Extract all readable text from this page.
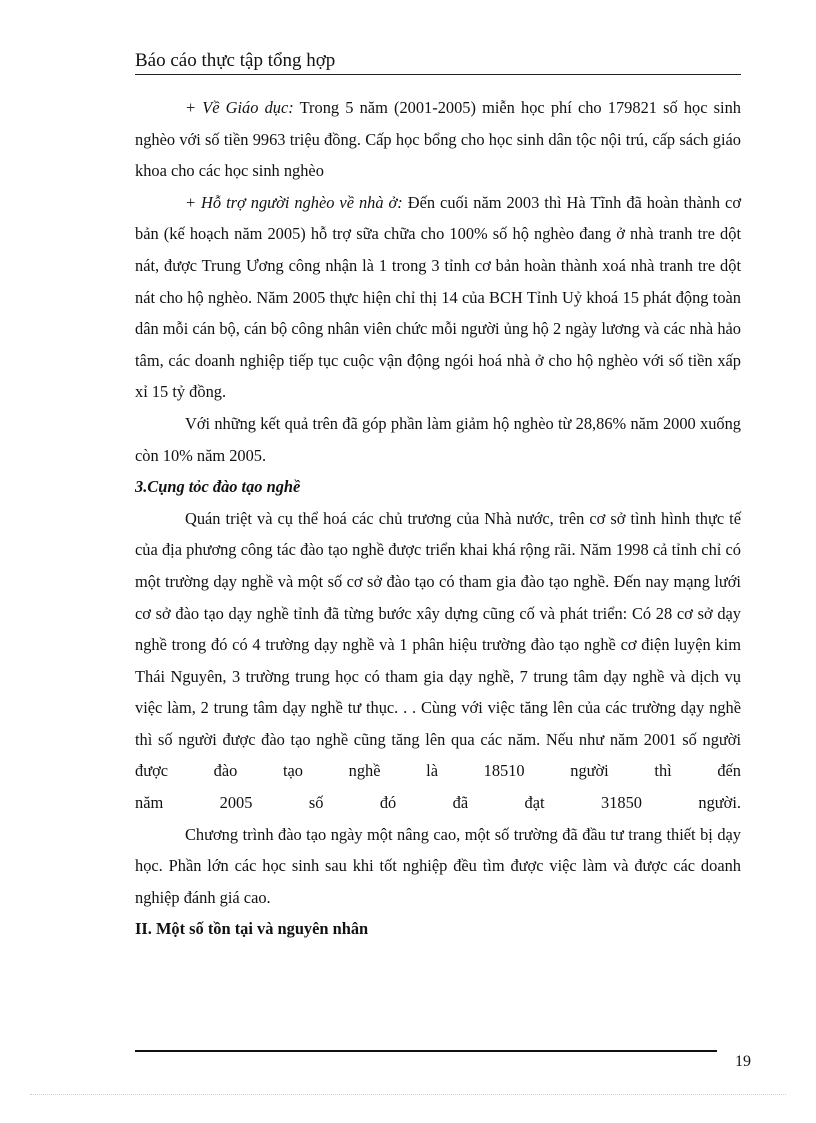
Báo cáo thực tập tổng hợp

+ Về Giáo dục: Trong 5 năm (2001-2005) miễn học phí cho 179821 số học sinh nghèo với số tiền 9963 triệu đồng. Cấp học bổng cho học sinh dân tộc nội trú, cấp sách giáo khoa cho các học sinh nghèo

+ Hỗ trợ người nghèo về nhà ở: Đến cuối năm 2003 thì Hà Tĩnh đã hoàn thành cơ bản (kế hoạch năm 2005) hỗ trợ sữa chữa cho 100% số hộ nghèo đang ở nhà tranh tre dột nát, được Trung Ương công nhận là 1 trong 3 tỉnh cơ bản hoàn thành xoá nhà tranh tre dột nát cho hộ nghèo. Năm 2005 thực hiện chỉ thị 14 của BCH Tỉnh Uỷ khoá 15 phát động toàn dân mỗi cán bộ, cán bộ công nhân viên chức mỗi người ủng hộ 2 ngày lương và các nhà hảo tâm, các doanh nghiệp tiếp tục cuộc vận động ngói hoá nhà ở cho hộ nghèo với số tiền xấp xỉ 15 tỷ đồng.

Với những kết quả trên đã góp phần làm giảm hộ nghèo từ 28,86% năm 2000 xuống còn 10% năm 2005.

3.Cụng tỏc đào tạo nghề

Quán triệt và cụ thể hoá các chủ trương của Nhà nước, trên cơ sở tình hình thực tế của địa phương công tác đào tạo nghề được triển khai khá rộng rãi. Năm 1998 cả tỉnh chỉ có một trường dạy nghề và một số cơ sở đào tạo có tham gia đào tạo nghề. Đến nay mạng lưới cơ sở đào tạo dạy nghề tỉnh đã từng bước xây dựng cũng cố và phát triển: Có 28 cơ sở dạy nghề trong đó có 4 trường dạy nghề và 1 phân hiệu trường đào tạo nghề cơ điện luyện kim Thái Nguyên, 3 trường trung học có tham gia dạy nghề, 7 trung tâm dạy nghề và dịch vụ việc làm, 2 trung tâm dạy nghề tư thục. . . Cùng với việc tăng lên của các trường dạy nghề thì số người được đào tạo nghề cũng tăng lên qua các năm. Nếu như năm 2001 số người được đào tạo nghề là 18510 người thì đến

năm 2005 số đó đã đạt 31850 người.

Chương trình đào tạo ngày một nâng cao, một số trường đã đầu tư trang thiết bị dạy học. Phần lớn các học sinh sau khi tốt nghiệp đều tìm được việc làm và được các doanh nghiệp đánh giá cao.

II. Một số tồn tại và nguyên nhân

19
